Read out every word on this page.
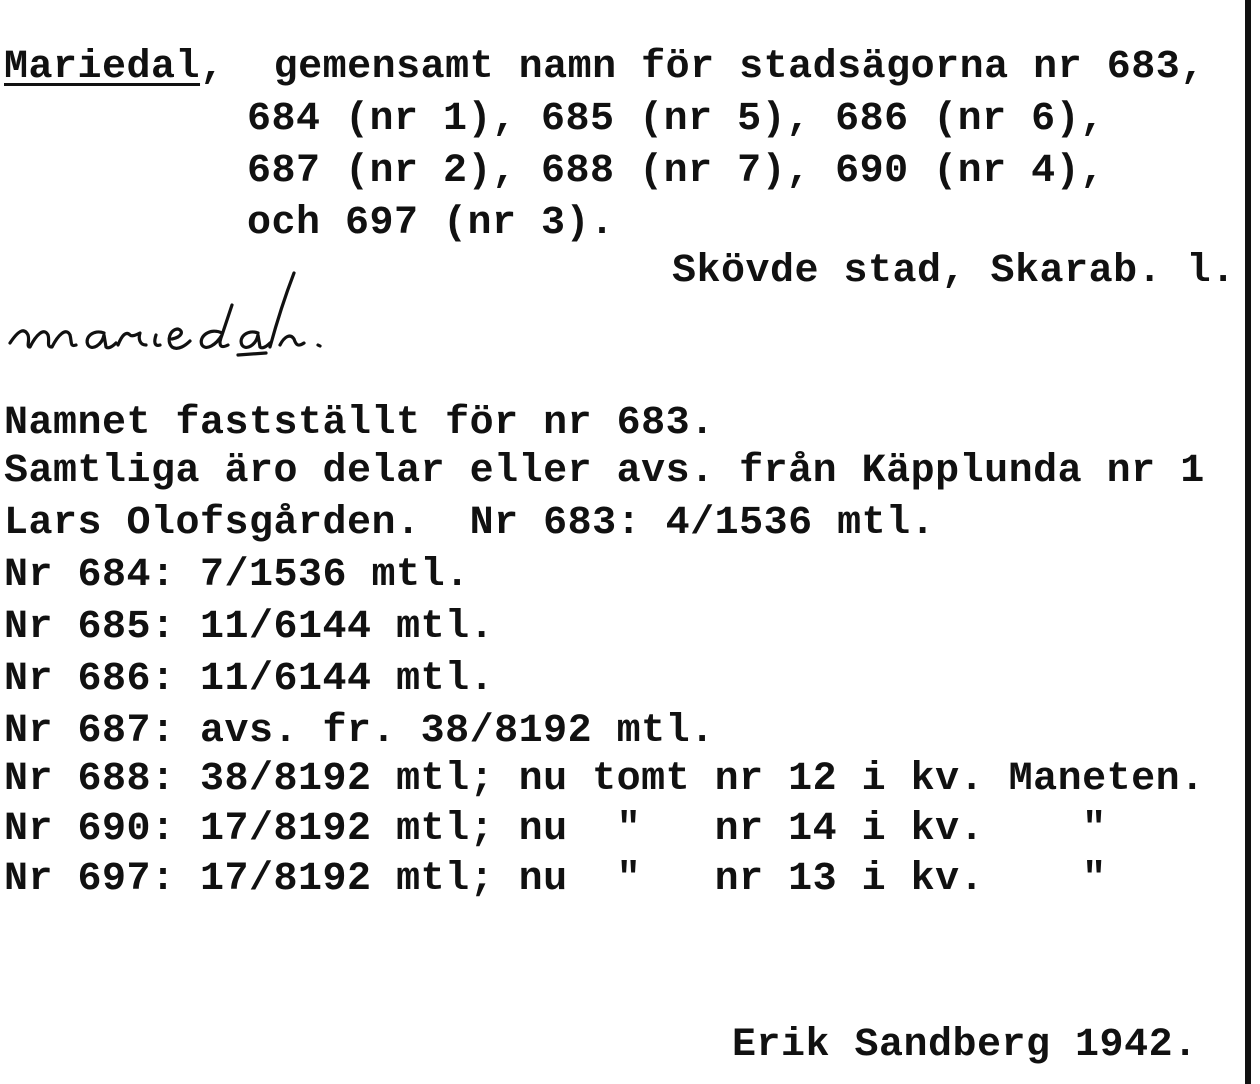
Mariedal, gemensamt namn för stadsägorna nr 683,
684 (nr 1), 685 (nr 5), 686 (nr 6),
687 (nr 2), 688 (nr 7), 690 (nr 4),
och 697 (nr 3).
Skövde stad, Skarab. l.
Namnet fastställt för nr 683.
Samtliga äro delar eller avs. från Käpplunda nr 1
Lars Olofsgården.  Nr 683: 4/1536 mtl.
Nr 684: 7/1536 mtl.
Nr 685: 11/6144 mtl.
Nr 686: 11/6144 mtl.
Nr 687: avs. fr. 38/8192 mtl.
Nr 688: 38/8192 mtl; nu tomt nr 12 i kv. Maneten.
Nr 690: 17/8192 mtl; nu  "   nr 14 i kv.    "
Nr 697: 17/8192 mtl; nu  "   nr 13 i kv.    "
Erik Sandberg 1942.
